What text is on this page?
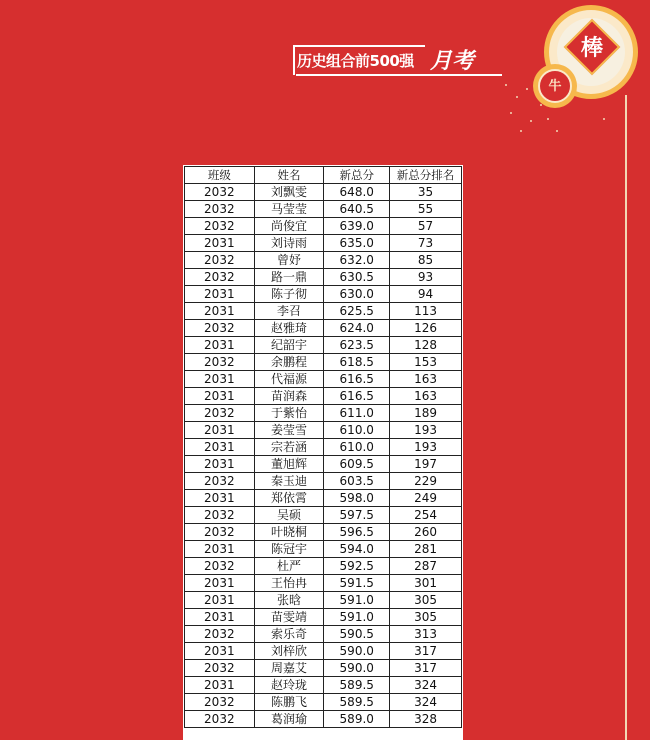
历史组合前500强 月考	棒
牛
班级	姓名	新总分	新总分排名
2032	刘飘雯	648.0	35
2032	马莹莹	640.5	55
2032	尚俊宜	639.0	57
2031	刘诗雨	635.0	73
2032	曾妤	632.0	85
2032	路一鼎	630.5	93
2031	陈子彻	630.0	94
2031	李召	625.5	113
2032	赵雅琦	624.0	126
2031	纪韶宇	623.5	128
2032	余鹏程	618.5	153
2031	代福源	616.5	163
2031	苗润森	616.5	163
2032	于紫怡	611.0	189
2031	姜莹雪	610.0	193
2031	宗若涵	610.0	193
2031	董旭辉	609.5	197
2032	秦玉迪	603.5	229
2031	郑依霄	598.0	249
2032	吴硕	597.5	254
2032	叶晓桐	596.5	260
2031	陈冠宇	594.0	281
2032	杜严	592.5	287
2031	王怡冉	591.5	301
2031	张晗	591.0	305
2031	苗雯靖	591.0	305
2032	索乐奇	590.5	313
2031	刘梓欣	590.0	317
2032	周嘉艾	590.0	317
2031	赵玲珑	589.5	324
2032	陈鹏飞	589.5	324
2032	葛润瑜	589.0	328
